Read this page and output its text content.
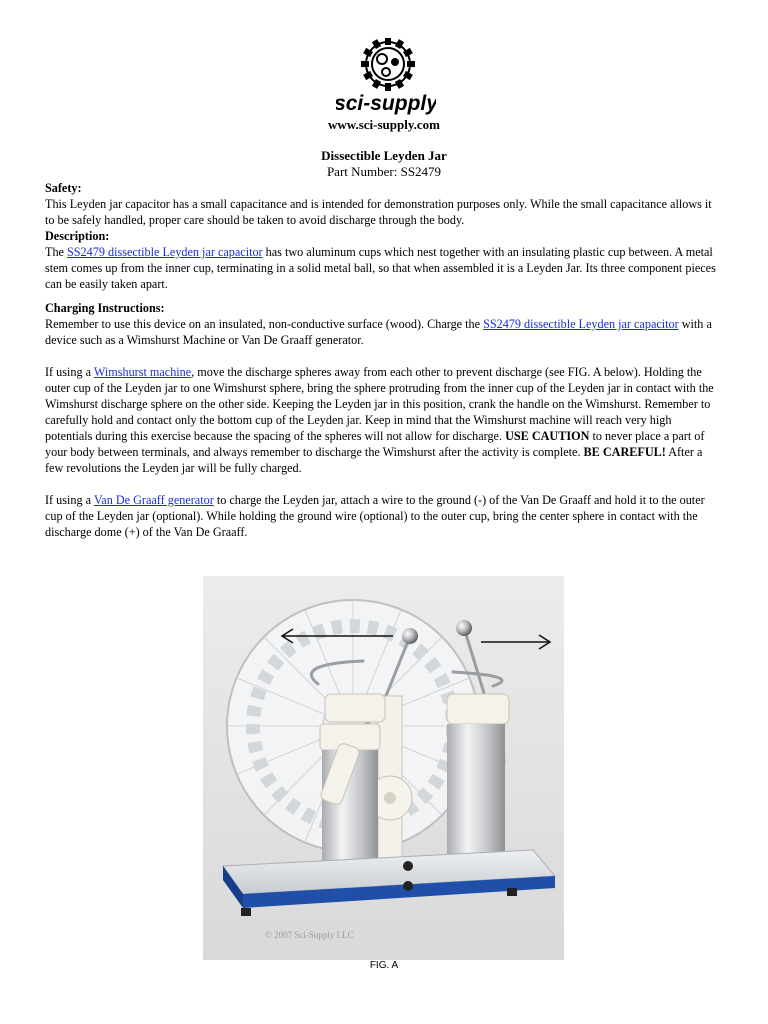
sci-supply
www.sci-supply.com
Dissectible Leyden Jar
Part Number: SS2479

Safety:

This Leyden jar capacitor has a small capacitance and is intended for demonstration purposes only. While the small capacitance allows it to be safely handled, proper care should be taken to avoid discharge through the body.

Description:

The SS2479 dissectible Leyden jar capacitor has two aluminum cups which nest together with an insulating plastic cup between. A metal stem comes up from the inner cup, terminating in a solid metal ball, so that when assembled it is a Leyden Jar. Its three component pieces can be easily taken apart.

Charging Instructions:

Remember to use this device on an insulated, non-conductive surface (wood). Charge the SS2479 dissectible Leyden jar capacitor with a device such as a Wimshurst Machine or Van De Graaff generator.

If using a Wimshurst machine, move the discharge spheres away from each other to prevent discharge (see FIG. A below). Holding the outer cup of the Leyden jar to one Wimshurst sphere, bring the sphere protruding from the inner cup of the Leyden jar in contact with the Wimshurst discharge sphere on the other side. Keeping the Leyden jar in this position, crank the handle on the Wimshurst. Remember to carefully hold and contact only the bottom cup of the Leyden jar. Keep in mind that the Wimshurst machine will reach very high potentials during this exercise because the spacing of the spheres will not allow for discharge. USE CAUTION to never place a part of your body between terminals, and always remember to discharge the Wimshurst after the activity is complete. BE CAREFUL! After a few revolutions the Leyden jar will be fully charged.

If using a Van De Graaff generator to charge the Leyden jar, attach a wire to the ground (-) of the Van De Graaff and hold it to the outer cup of the Leyden jar (optional). While holding the ground wire (optional) to the outer cup, bring the center sphere in contact with the discharge dome (+) of the Van De Graaff.

© 2007 Sci-Supply LLC
FIG. A
